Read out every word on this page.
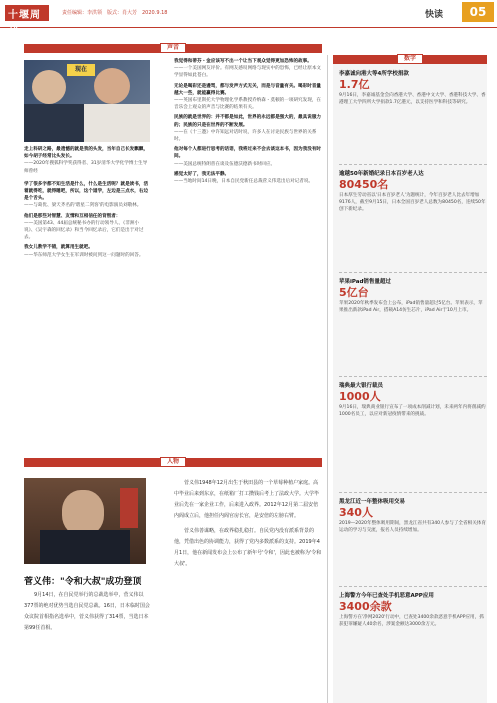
十堰周刊
责任编辑：李洪领　版式：肖大芳　2020.9.18	快读	05
声音
现在
走上科研之路，最遗憾的就是我的头发，当年自己长发飘飘，如今胡子经常比头发长。
——2020年搜狐科学奖获得者、31岁清华大学化学博士生导师曾经
学了很多字都不知生活是什么，什么是生活呢？就是读书，活着就得吃，就得睡吧，所以，这个道学，左边是三点水，右边是个舌头。
——与葛优、梁天齐名的'谐星二剑客'的电影演员刘敬林。
他们是那些对智慧、友情和互相信任的背叛者：
——美国第43、44届总统秘书办的行动领导人、《非洲小说》、《吴宇森的回忆录》和当今回忆录后，它们是出于对过去。
我女儿教学不错，就算用生就吧。
——华东师范大学女生在军训时被问到这一问题时的回答。
我觉得和蒂芬・金应该写不出一个让当下观众觉得更加恐怖的故事。
——一个美国网友评价。有网友感叹网络与现实中的恐怖，已经让原本文学显得如此苍白。
无论是喝彩还是谩骂，都与发声方式无关，而是与音量有关。喝彩时音量越大一些，就能赢得比赛。
——英国布里斯托大学物理化学系教授乔纳森・莫顿的一项研究发现，在音乐会上观众的声音与比赛的结果有关。
民族的就是世界的：并不都是如此，世界的永远都是强大的，最具说服力的；民族的只是在世界的不断发展。
——在《十三邀》中许知远对话时说，许多人在讨论民族与世界的关系时。
他对每个人都进行思考的话语，我将过来不会去谈这本书，因为我没有时间。
——美国总统特朗普在谈及伍德沃德新书时回应。
感觉太好了，我无法平静。
——当地时间14日晚，日本自民党新任总裁菅义伟选出后对记者说。
人物
菅义伟："令和大叔"成功登顶
9月14日，在自民党举行的总裁选举中，菅义伟以377票的绝对优势当选自民党总裁。16日，日本临时国会众议院首相指名选举中，菅义伟获得了314票，当选日本第99任首相。
菅义伟1948年12月出生于秋田县的一个草莓种植户家庭。高中毕业后来到东京，在纸箱厂打工攒钱后考上了法政大学。大学毕业后先在一家企业工作，后来进入政界。2012年12月第二届安倍内阁成立后，他担任内阁官房长官，是安倍的左膀右臂。
菅义伟善谋略，在政界稳扎稳打。自民党内没有派系背景的他，凭借出色的协调能力，获得了党内多数派系的支持。2019年4月1日，他在新闻发布会上公布了新年号'令和'，因此也被称为'令和大叔'。
数字
李嘉诚向港大等4所学校捐款
1.7亿
9月16日，李嘉诚基金会向香港大学、香港中文大学、香港科技大学、香港理工大学四所大学捐款1.7亿港元，以支持医学和科技等研究。
逾越50年新婚纪录日本百岁老人达
80450名
日本厚生劳动省以'日本百岁老人'为题统计，今年百岁老人比去年增加9176人，截至9月15日，日本全国百岁老人总数为80450名，连续50年创下新纪录。
苹果iPad销售量超过
5亿台
苹果2020年秋季发布会上公布，iPad销售量超过5亿台。苹果表示，苹果推出新款iPad Air，搭载A14仿生芯片，iPad Air于10月上市。
瑞典最大银行裁员
1000人
9月16日，瑞典商业银行宣布了一项成本削减计划，未来两年内将削减约1000名员工，以应对新冠疫情带来的挑战。
黑龙江近一年整体吸用交易
340人
2019—2020年整体吸用期间，黑龙江省共有340人参与了全省相关体育运动的学习与交流，报名人员持续增加。
上海警方今年已查处手机恶意APP应用
3400余款
上海警方在'净网2020'行动中，已查处3400余款恶意手机APP应用，抓获犯罪嫌疑人40余名，涉案金额达3000余万元。
